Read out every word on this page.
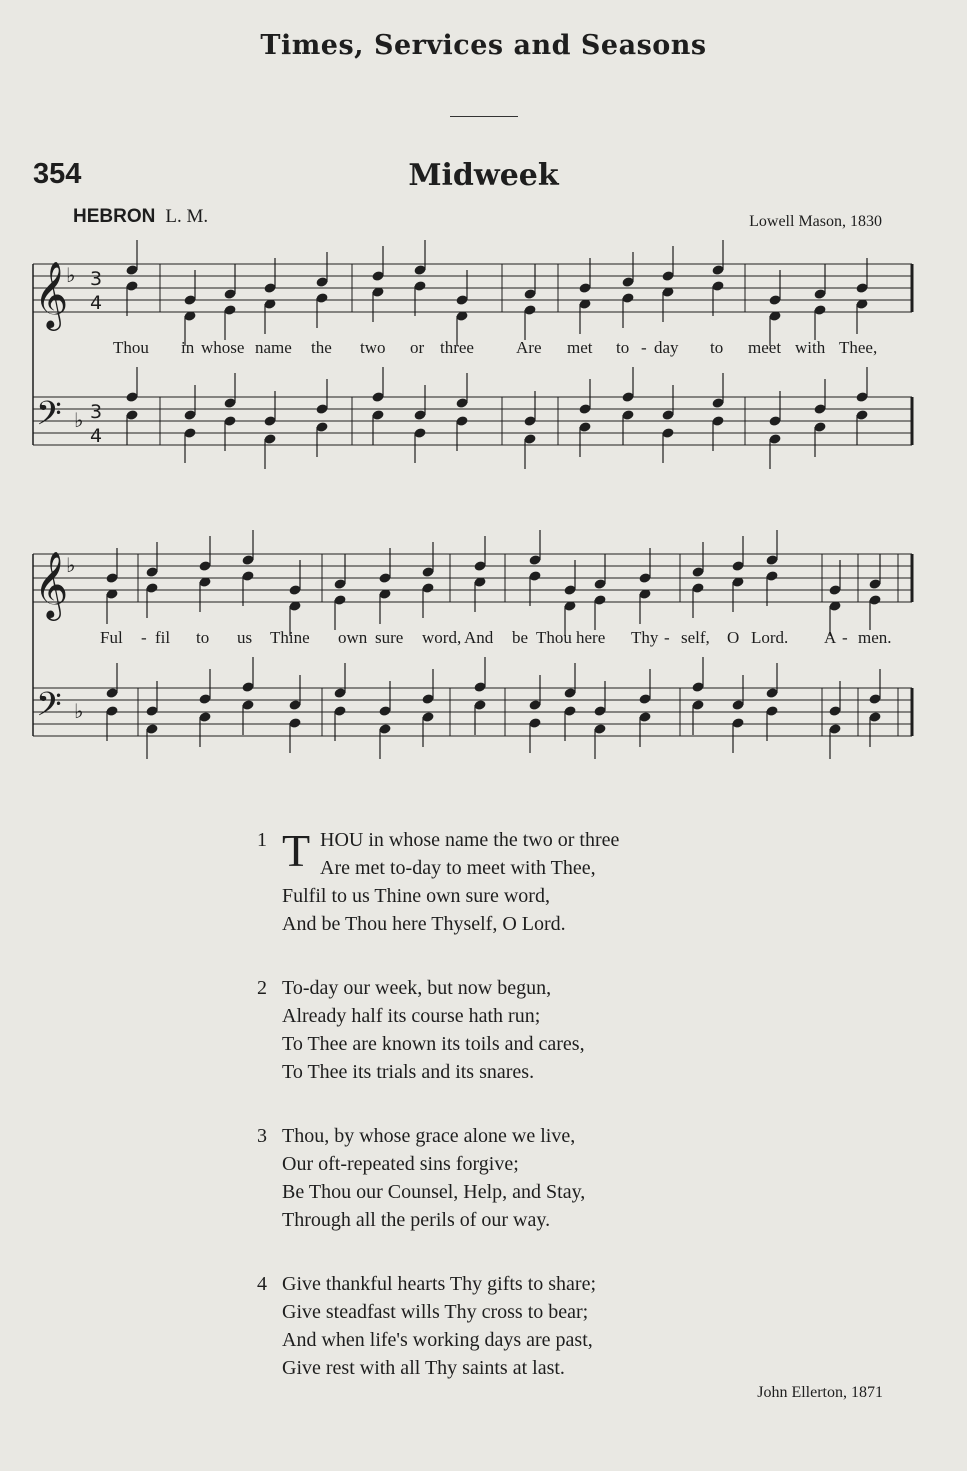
Times, Services and Seasons
354	Midweek
HEBRON L. M.	Lowell Mason, 1830
𝄞
𝄞
𝄢
𝄢
♭
♭
♭
♭
3
4
3
4
Thou in whose name the two or three Are met to - day to meet with Thee,
Ful - fil to us Thine own sure word, And be Thou here Thy - self, O Lord. A - men.
1 T HOU in whose name the two or three
Are met to-day to meet with Thee,
Fulfil to us Thine own sure word,
And be Thou here Thyself, O Lord.
2 To-day our week, but now begun,
Already half its course hath run;
To Thee are known its toils and cares,
To Thee its trials and its snares.
3 Thou, by whose grace alone we live,
Our oft-repeated sins forgive;
Be Thou our Counsel, Help, and Stay,
Through all the perils of our way.
4 Give thankful hearts Thy gifts to share;
Give steadfast wills Thy cross to bear;
And when life's working days are past,
Give rest with all Thy saints at last.
John Ellerton, 1871
